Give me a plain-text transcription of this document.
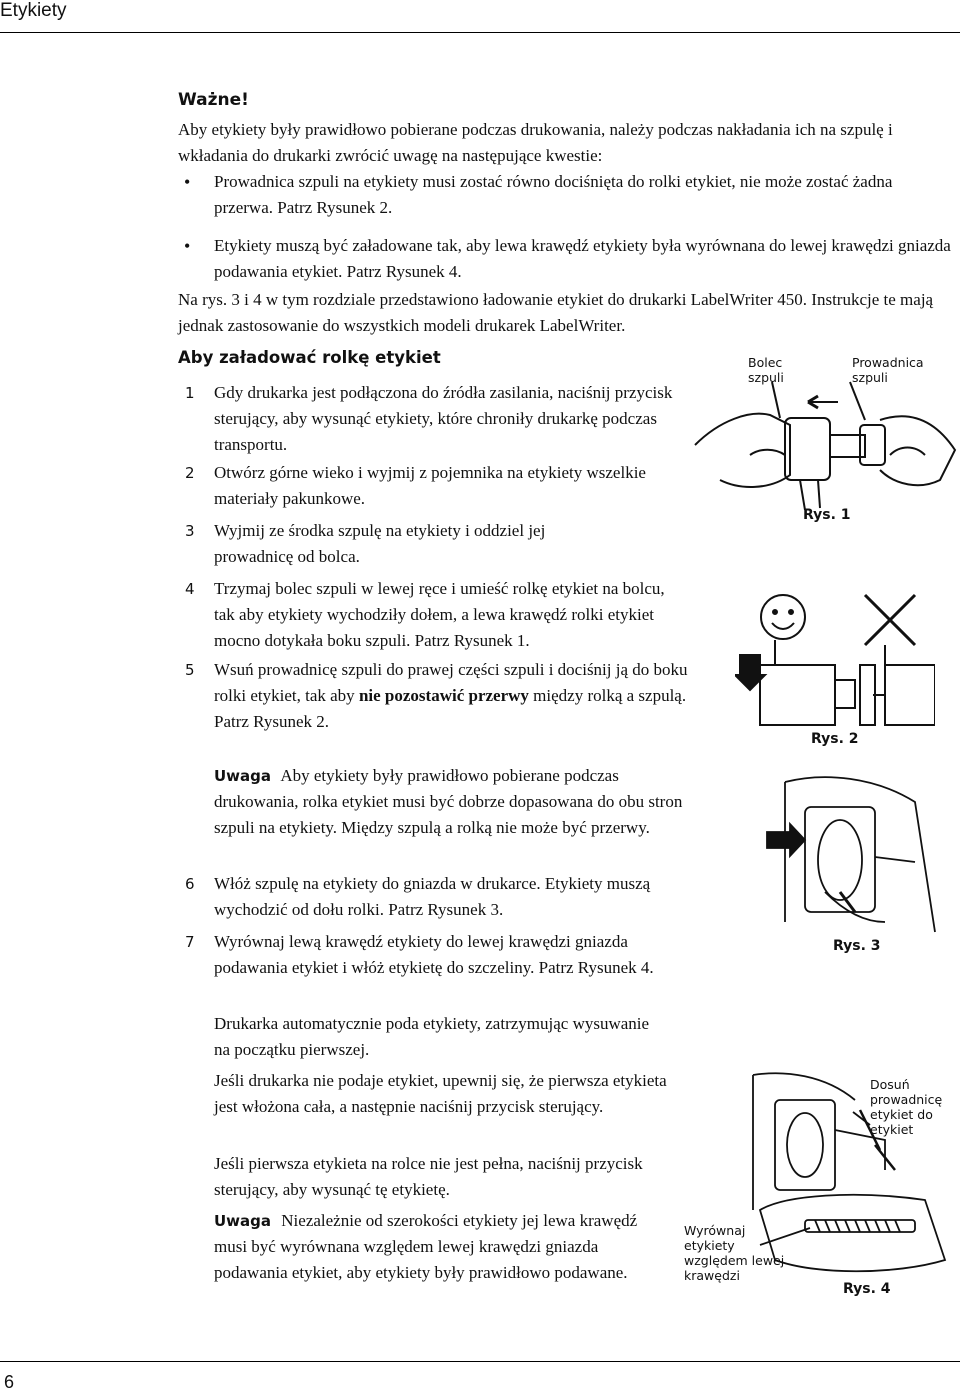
Etykiety
Ważne!
Aby etykiety były prawidłowo pobierane podczas drukowania, należy podczas nakładania ich na szpulę i wkładania do drukarki zwrócić uwagę na następujące kwestie:
• Prowadnica szpuli na etykiety musi zostać równo dociśnięta do rolki etykiet, nie może zostać żadna przerwa. Patrz Rysunek 2.
• Etykiety muszą być załadowane tak, aby lewa krawędź etykiety była wyrównana do lewej krawędzi gniazda podawania etykiet. Patrz Rysunek 4.
Na rys. 3 i 4 w tym rozdziale przedstawiono ładowanie etykiet do drukarki LabelWriter 450. Instrukcje te mają jednak zastosowanie do wszystkich modeli drukarek LabelWriter.
Aby załadować rolkę etykiet
1 Gdy drukarka jest podłączona do źródła zasilania, naciśnij przycisk sterujący, aby wysunąć etykiety, które chroniły drukarkę podczas transportu.
2 Otwórz górne wieko i wyjmij z pojemnika na etykiety wszelkie materiały pakunkowe.
3 Wyjmij ze środka szpulę na etykiety i oddziel jej prowadnicę od bolca.
4 Trzymaj bolec szpuli w lewej ręce i umieść rolkę etykiet na bolcu, tak aby etykiety wychodziły dołem, a lewa krawędź rolki etykiet mocno dotykała boku szpuli. Patrz Rysunek 1.
5 Wsuń prowadnicę szpuli do prawej części szpuli i dociśnij ją do boku rolki etykiet, tak aby nie pozostawić przerwy między rolką a szpulą. Patrz Rysunek 2.
Uwaga Aby etykiety były prawidłowo pobierane podczas drukowania, rolka etykiet musi być dobrze dopasowana do obu stron szpuli na etykiety. Między szpulą a rolką nie może być przerwy.
6 Włóż szpulę na etykiety do gniazda w drukarce. Etykiety muszą wychodzić od dołu rolki. Patrz Rysunek 3.
7 Wyrównaj lewą krawędź etykiety do lewej krawędzi gniazda podawania etykiet i włóż etykietę do szczeliny. Patrz Rysunek 4.
Drukarka automatycznie poda etykiety, zatrzymując wysuwanie na początku pierwszej.
Jeśli drukarka nie podaje etykiet, upewnij się, że pierwsza etykieta jest włożona cała, a następnie naciśnij przycisk sterujący.
Jeśli pierwsza etykieta na rolce nie jest pełna, naciśnij przycisk sterujący, aby wysunąć tę etykietę.
Uwaga Niezależnie od szerokości etykiety jej lewa krawędź musi być wyrównana względem lewej krawędzi gniazda podawania etykiet, aby etykiety były prawidłowo podawane.
Bolec
szpuli
Prowadnica
szpuli
Rys. 1
Rys. 2
Rys. 3
Dosuń
prowadnicę
etykiet do
etykiet
Wyrównaj
etykiety
względem lewej
krawędzi
Rys. 4
6
